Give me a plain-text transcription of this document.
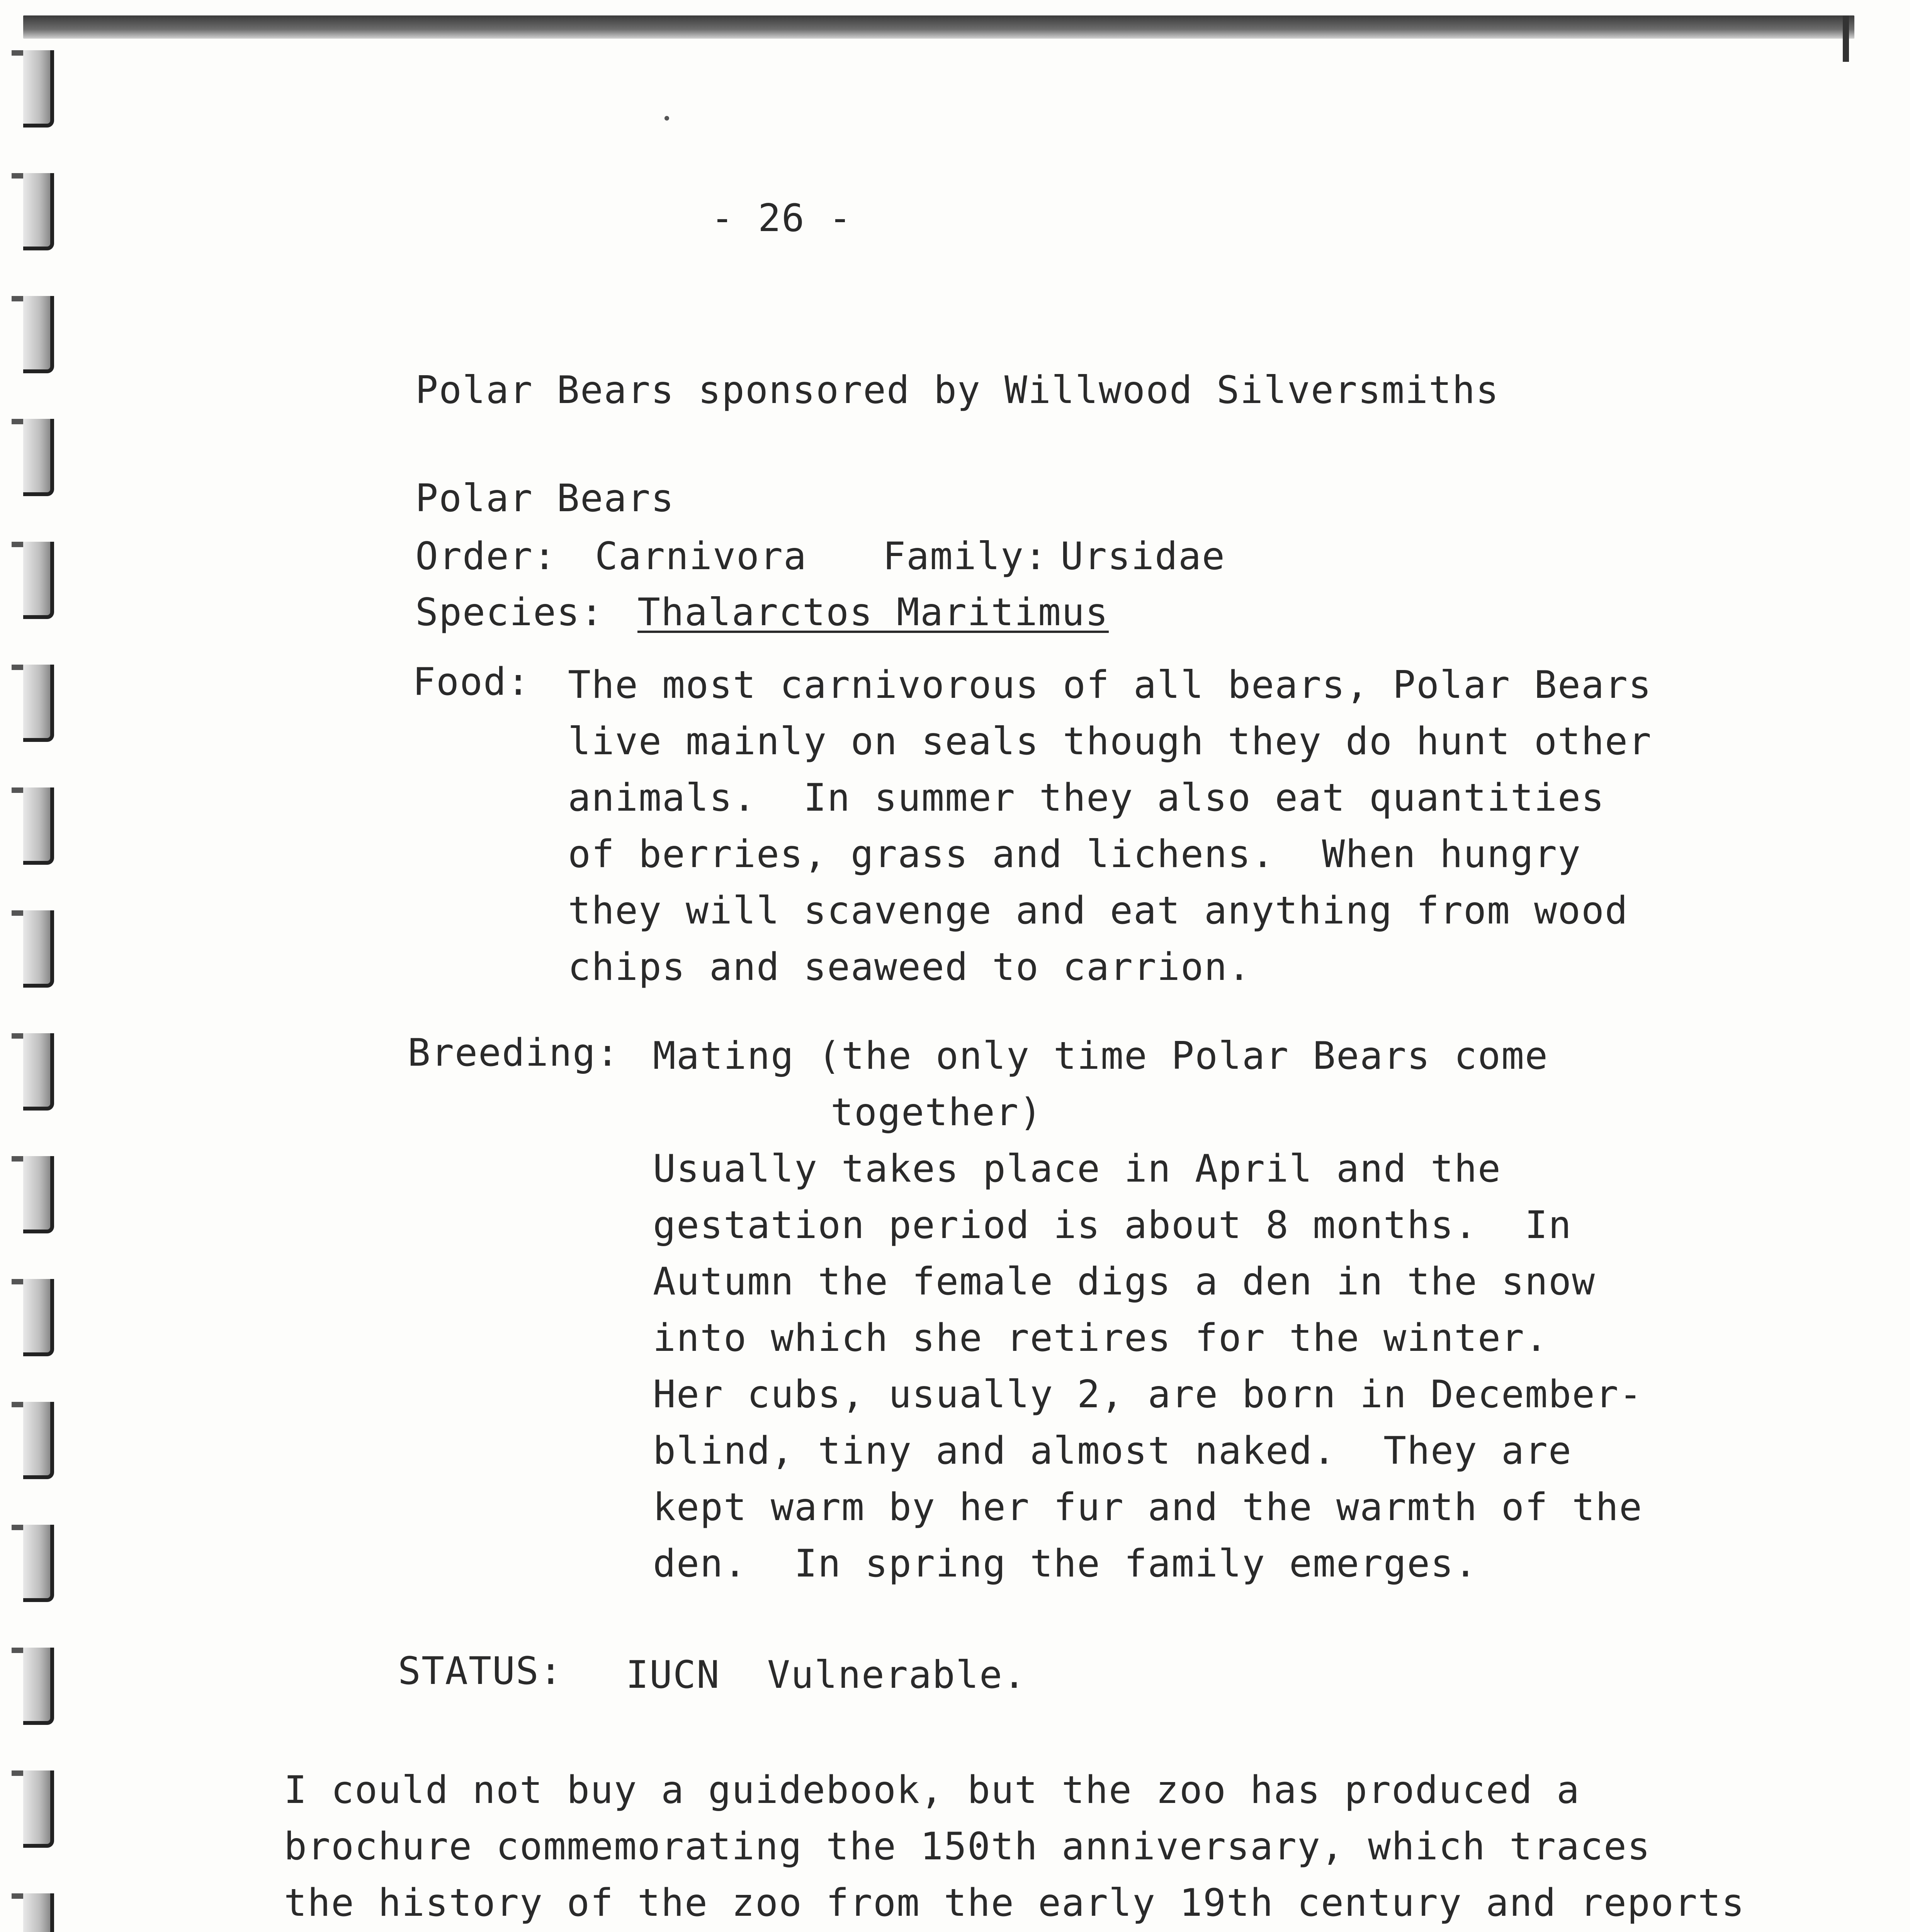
- 26 -
Polar Bears sponsored by Willwood Silversmiths
Polar Bears
Order: Carnivora Family: Ursidae
Species: Thalarctos Maritimus
Food: The most carnivorous of all bears, Polar Bears
live mainly on seals though they do hunt other
animals.  In summer they also eat quantities
of berries, grass and lichens.  When hungry
they will scavenge and eat anything from wood
chips and seaweed to carrion.
Breeding: Mating (the only time Polar Bears come
together)
Usually takes place in April and the
gestation period is about 8 months.  In
Autumn the female digs a den in the snow
into which she retires for the winter.
Her cubs, usually 2, are born in December-
blind, tiny and almost naked.  They are
kept warm by her fur and the warmth of the
den.  In spring the family emerges.
STATUS: IUCN  Vulnerable.
I could not buy a guidebook, but the zoo has produced a
brochure commemorating the 150th anniversary, which traces
the history of the zoo from the early 19th century and reports
